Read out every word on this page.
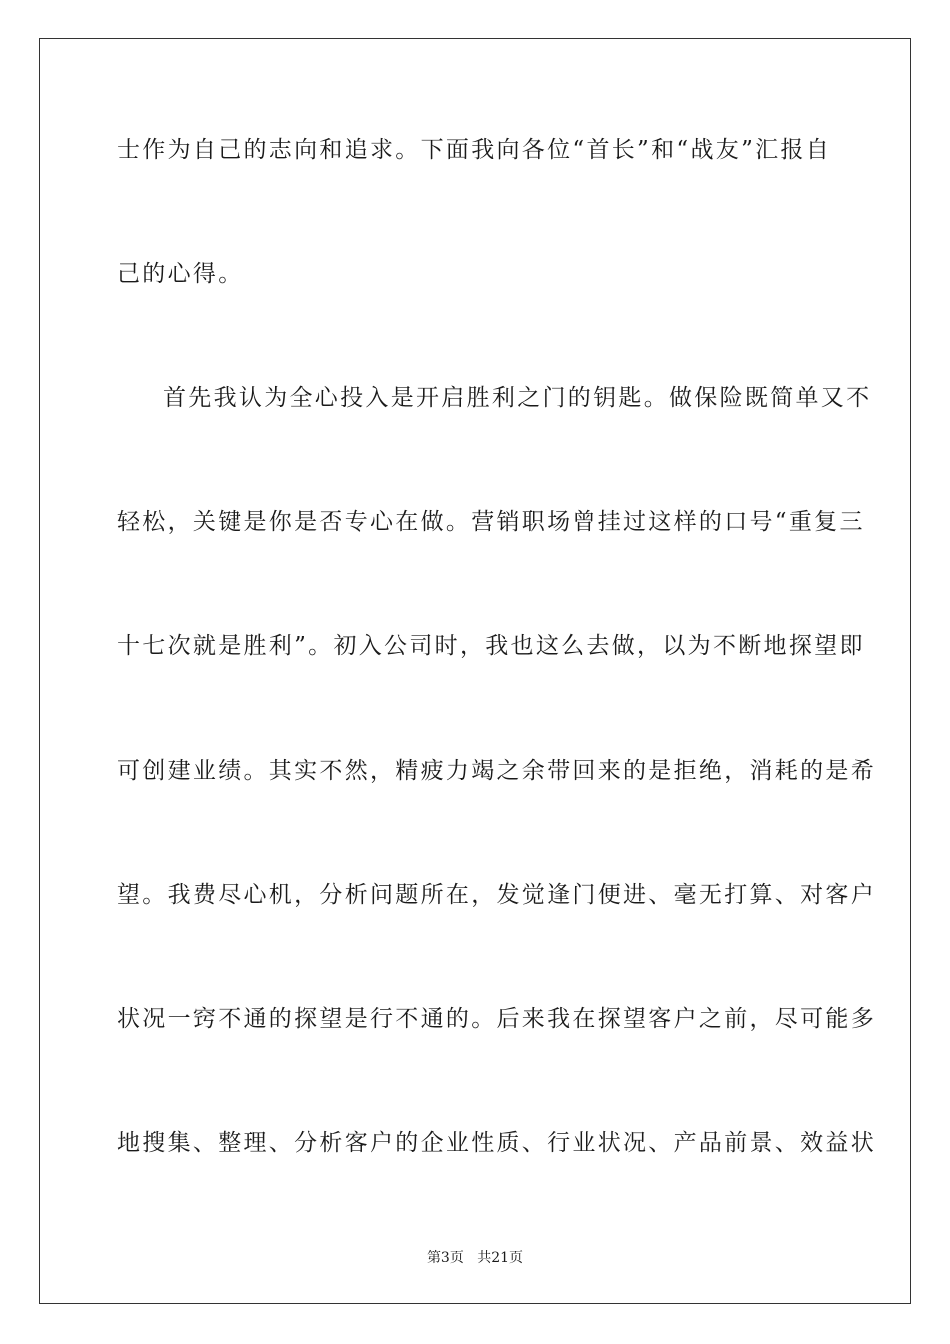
士作为自己的志向和追求。下面我向各位“首长”和“战友”汇报自
己的心得。
首先我认为全心投入是开启胜利之门的钥匙。做保险既简单又不
轻松，关键是你是否专心在做。营销职场曾挂过这样的口号“重复三
十七次就是胜利”。初入公司时，我也这么去做，以为不断地探望即
可创建业绩。其实不然，精疲力竭之余带回来的是拒绝，消耗的是希
望。我费尽心机，分析问题所在，发觉逢门便进、毫无打算、对客户
状况一窍不通的探望是行不通的。后来我在探望客户之前，尽可能多
地搜集、整理、分析客户的企业性质、行业状况、产品前景、效益状
第3页 共21页
